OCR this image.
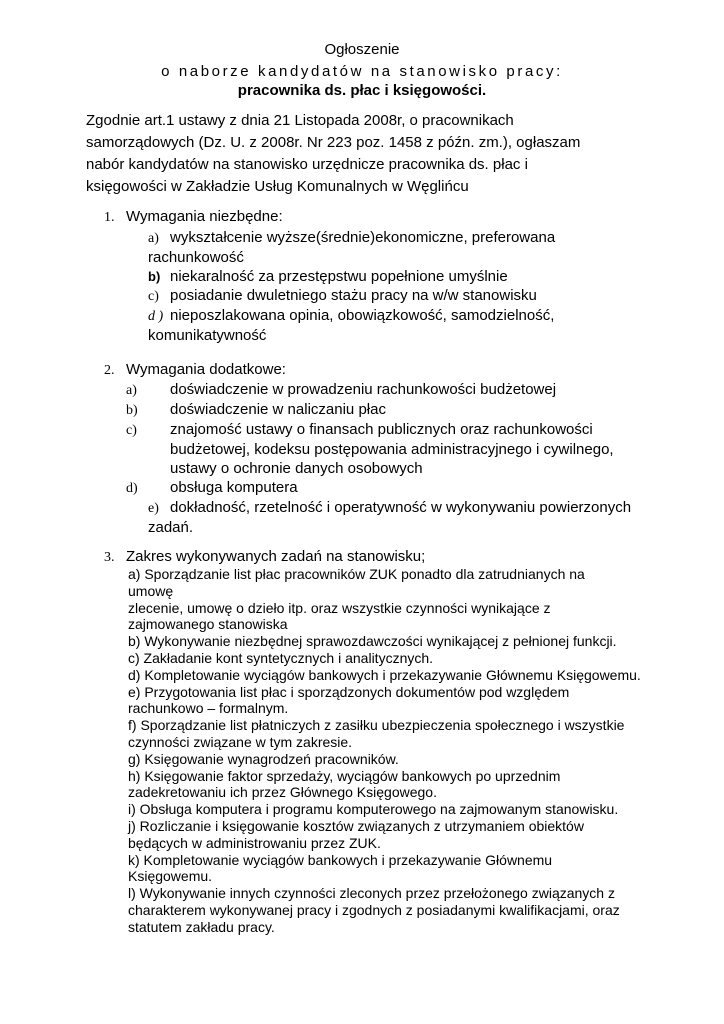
Ogłoszenie
o naborze kandydatów na stanowisko pracy:
pracownika ds. płac i księgowości.

Zgodnie art.1 ustawy z dnia 21 Listopada 2008r, o pracownikach

samorządowych (Dz. U. z 2008r. Nr 223 poz. 1458 z późn. zm.), ogłaszam

nabór kandydatów na stanowisko urzędnicze pracownika ds. płac i

księgowości w Zakładzie Usług Komunalnych w Węglińcu

1. Wymagania niezbędne:
a) wykształcenie wyższe(średnie)ekonomiczne, preferowana
rachunkowość
b) niekaralność za przestępstwu popełnione umyślnie
c) posiadanie dwuletniego stażu pracy na w/w stanowisku
d ) nieposzlakowana opinia, obowiązkowość, samodzielność,
komunikatywność
2. Wymagania dodatkowe:
a) doświadczenie w prowadzeniu rachunkowości budżetowej
b) doświadczenie w naliczaniu płac
c) znajomość ustawy o finansach publicznych oraz rachunkowości budżetowej, kodeksu postępowania administracyjnego i cywilnego, ustawy o ochronie danych osobowych
d) obsługa komputera
e) dokładność, rzetelność i operatywność w wykonywaniu powierzonych zadań.
3. Zakres wykonywanych zadań na stanowisku;

a) Sporządzanie list płac pracowników ZUK ponadto dla zatrudnianych na

umowę

zlecenie, umowę o dzieło itp. oraz wszystkie czynności wynikające z

zajmowanego stanowiska

b) Wykonywanie niezbędnej sprawozdawczości wynikającej z pełnionej funkcji.

c) Zakładanie kont syntetycznych i analitycznych.

d) Kompletowanie wyciągów bankowych i przekazywanie Głównemu Księgowemu.

e) Przygotowania list płac i sporządzonych dokumentów pod względem

rachunkowo – formalnym.

f) Sporządzanie list płatniczych z zasiłku ubezpieczenia społecznego i wszystkie

czynności związane w tym zakresie.

g) Księgowanie wynagrodzeń pracowników.

h) Księgowanie faktor sprzedaży, wyciągów bankowych po uprzednim

zadekretowaniu ich przez Głównego Księgowego.

i) Obsługa komputera i programu komputerowego na zajmowanym stanowisku.

j) Rozliczanie i księgowanie kosztów związanych z utrzymaniem obiektów

będących w administrowaniu przez ZUK.

k) Kompletowanie wyciągów bankowych i przekazywanie Głównemu

Księgowemu.

l) Wykonywanie innych czynności zleconych przez przełożonego związanych z

charakterem wykonywanej pracy i zgodnych z posiadanymi kwalifikacjami, oraz

statutem zakładu pracy.
